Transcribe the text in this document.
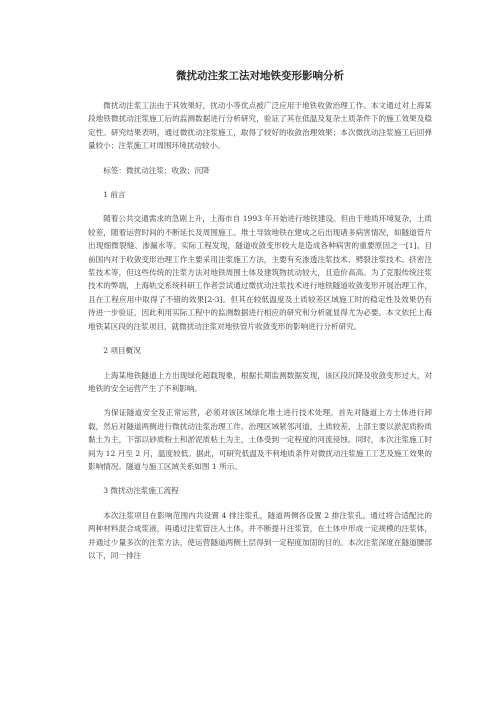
微扰动注浆工法对地铁变形影响分析

微扰动注浆工法由于其效果好，扰动小等优点被广泛应用于地铁收敛治理工作。本文通过对上海某段地铁微扰动注浆施工后的监测数据进行分析研究，验证了其在低温及复杂土质条件下的施工效果及稳定性。研究结果表明，通过微扰动注浆施工，取得了较好的收敛治理效果；本次微扰动注浆施工后回弹量较小；注浆施工对周围环境扰动较小。

标签：微扰动注浆；收敛；沉降

1 前言

随着公共交通需求的急剧上升，上海市自 1993 年开始进行地铁建设。但由于地质环境复杂，土质较差，随着运营时间的不断延长及周围施工、堆土导致地铁在建成之后出现诸多病害情况，如隧道管片出现细微裂缝、渗漏水等。实际工程发现，隧道收敛变形较大是造成各种病害的重要原因之一[1]。目前国内对于收敛变形治理工作主要采用注浆施工方法，主要有充渗透注浆技术、劈裂注浆技术、挤密注浆技术等，但这些传统的注浆方法对地铁周围土体及建筑物扰动较大，且造价高高。为了克服传统注浆技术的弊端，上海轨交系统科研工作者尝试通过微扰动注浆技术进行地铁隧道收敛变形开展治理工作，且在工程应用中取得了不错的效果[2-3]。但其在较低温度及土质较差区域施工时的稳定性及效果仍有待进一步验证，因此利用实际工程中的监测数据进行相应的研究和分析就显得尤为必要。本文依托上海地铁某区段的注浆项目，就微扰动注浆对地铁管片收敛变形的影响进行分析研究。

2 项目概况

上海某地铁隧道上方出现绿化超载现象，根据长期监测数据发现，该区段沉降及收敛变形过大，对地铁的安全运营产生了不利影响。

为保证隧道安全及正常运营，必须对该区域绿化堆土进行技术处理。首先对隧道上方土体进行卸载，然后对隧道两侧进行微扰动注浆治理工作。治理区域紧邻河道，土质较差，上部主要以淤泥质粉质黏土为主，下部以砂质粉土和淤泥质粘土为主，土体受到一定程度的河流侵蚀。同时，本次注浆施工时间为 12 月至 2 月，温度较低。据此，可研究低温及不利地质条件对微扰动注浆施工工艺及施工效果的影响情况。隧道与施工区域关系如图 1 所示。

3 微扰动注浆施工流程

本次注浆项目在影响范围内共设置 4 排注浆孔，隧道两侧各设置 2 排注浆孔。通过将合适配比的两种材料混合成浆液，再通过注浆管注入土体，并不断提升注浆管，在土体中形成一定规模的注浆体，并通过少量多次的注浆方法，使运营隧道两侧土层得到一定程度加固的目的。本次注浆深度在隧道腰部以下，同一排注
